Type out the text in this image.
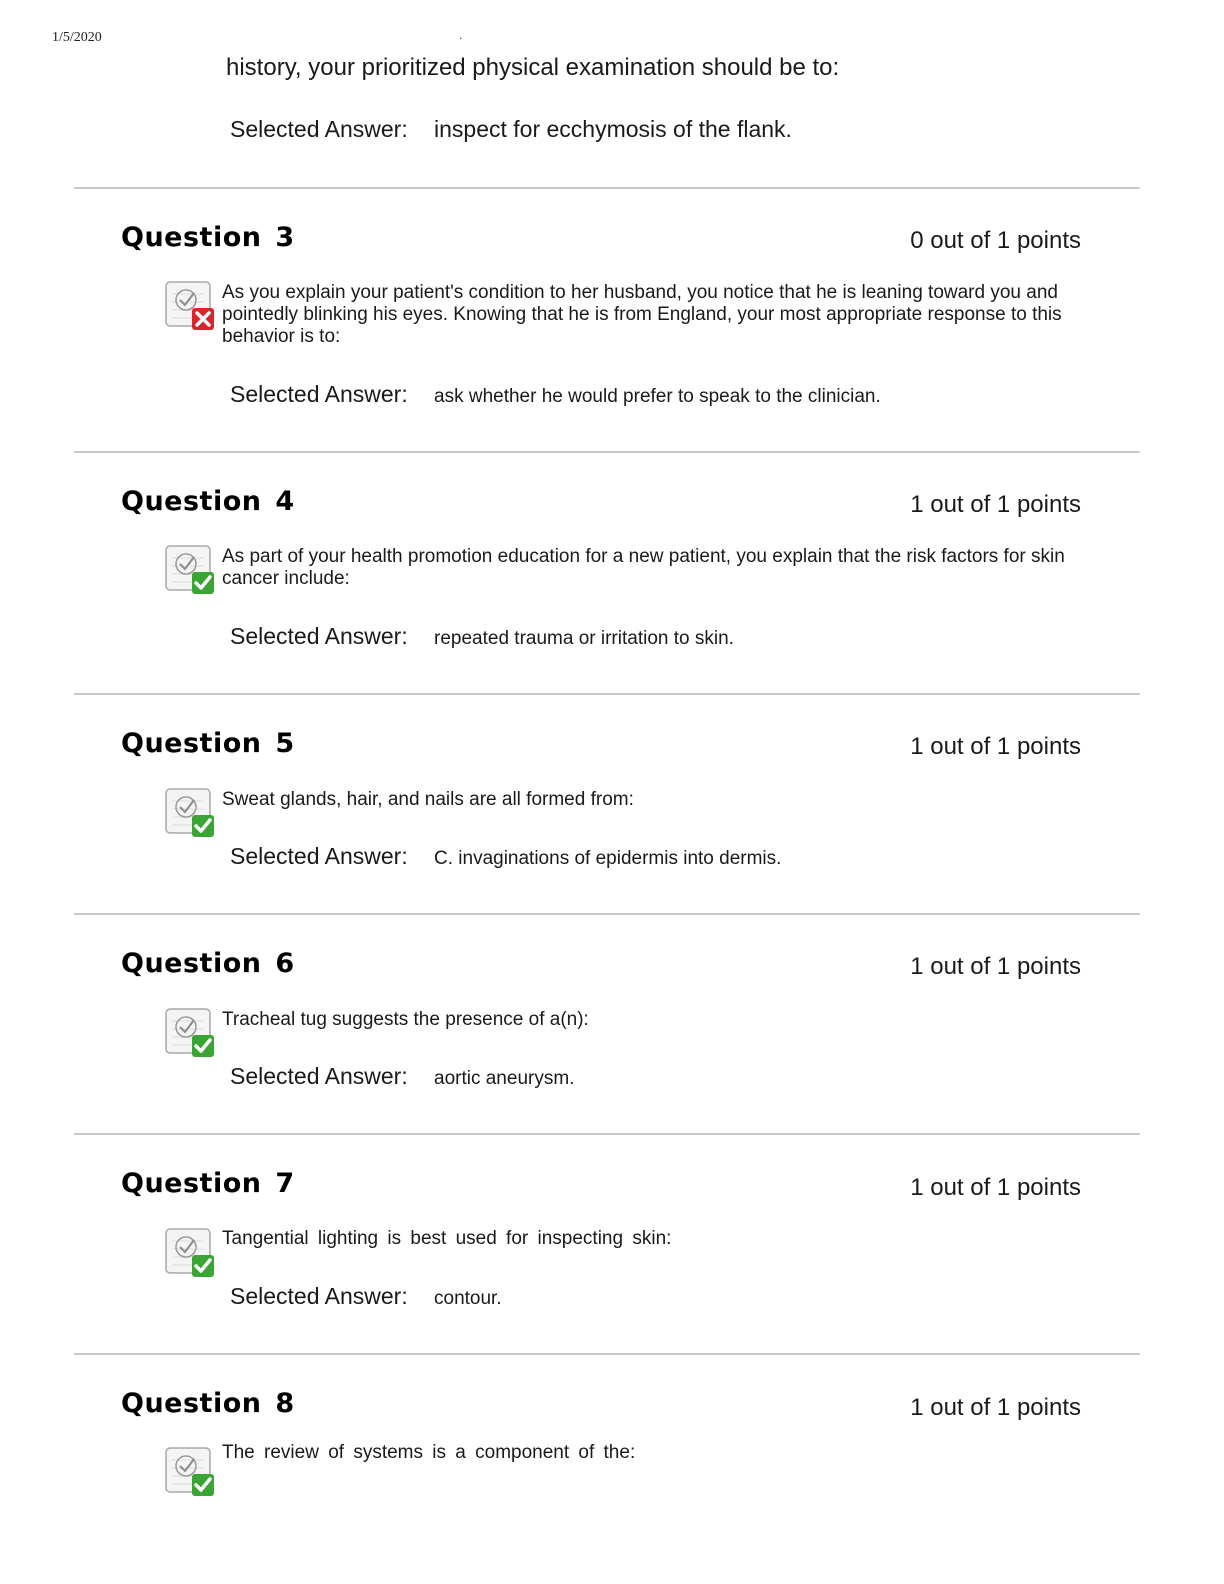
1/5/2020	.
history, your prioritized physical examination should be to:
Selected Answer:	inspect for ecchymosis of the flank.
Question 3	0 out of 1 points
As you explain your patient's condition to her husband, you notice that he is leaning toward you and pointedly blinking his eyes. Knowing that he is from England, your most appropriate response to this behavior is to:
Selected Answer:	ask whether he would prefer to speak to the clinician.
Question 4	1 out of 1 points
As part of your health promotion education for a new patient, you explain that the risk factors for skin cancer include:
Selected Answer:	repeated trauma or irritation to skin.
Question 5	1 out of 1 points
Sweat glands, hair, and nails are all formed from:
Selected Answer:	C. invaginations of epidermis into dermis.
Question 6	1 out of 1 points
Tracheal tug suggests the presence of a(n):
Selected Answer:	aortic aneurysm.
Question 7	1 out of 1 points
Tangential lighting is best used for inspecting skin:
Selected Answer:	contour.
Question 8	1 out of 1 points
The review of systems is a component of the:
